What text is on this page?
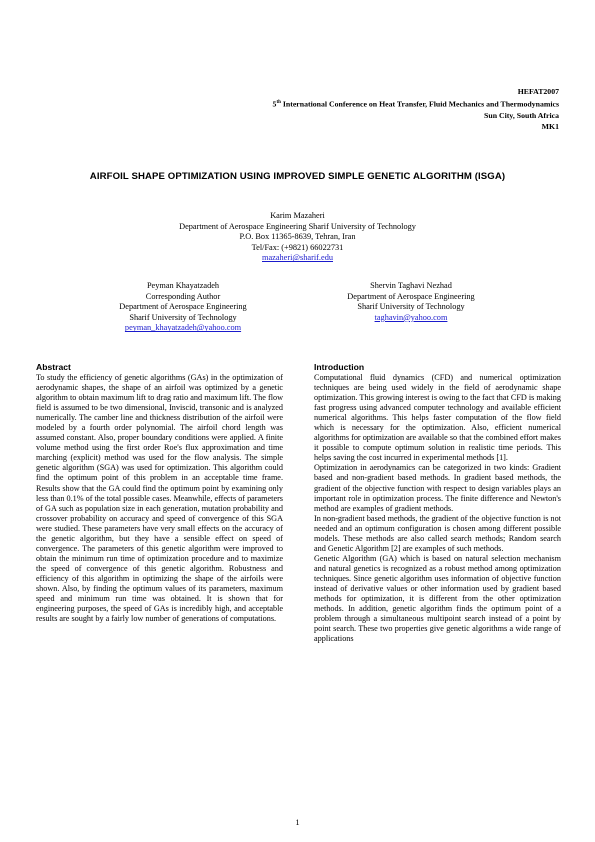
HEFAT2007
5th International Conference on Heat Transfer, Fluid Mechanics and Thermodynamics
Sun City, South Africa
MK1
AIRFOIL SHAPE OPTIMIZATION USING IMPROVED SIMPLE GENETIC ALGORITHM (ISGA)
Karim Mazaheri
Department of Aerospace Engineering Sharif University of Technology
P.O. Box 11365-8639, Tehran, Iran
Tel/Fax: (+9821) 66022731
mazaheri@sharif.edu
Peyman Khayatzadeh
Corresponding Author
Department of Aerospace Engineering
Sharif University of Technology
peyman_khayatzadeh@yahoo.com
Shervin Taghavi Nezhad
Department of Aerospace Engineering
Sharif University of Technology
taghavin@yahoo.com
Abstract

To study the efficiency of genetic algorithms (GAs) in the optimization of aerodynamic shapes, the shape of an airfoil was optimized by a genetic algorithm to obtain maximum lift to drag ratio and maximum lift. The flow field is assumed to be two dimensional, Inviscid, transonic and is analyzed numerically. The camber line and thickness distribution of the airfoil were modeled by a fourth order polynomial. The airfoil chord length was assumed constant. Also, proper boundary conditions were applied. A finite volume method using the first order Roe's flux approximation and time marching (explicit) method was used for the flow analysis. The simple genetic algorithm (SGA) was used for optimization. This algorithm could find the optimum point of this problem in an acceptable time frame. Results show that the GA could find the optimum point by examining only less than 0.1% of the total possible cases. Meanwhile, effects of parameters of GA such as population size in each generation, mutation probability and crossover probability on accuracy and speed of convergence of this SGA were studied. These parameters have very small effects on the accuracy of the genetic algorithm, but they have a sensible effect on speed of convergence. The parameters of this genetic algorithm were improved to obtain the minimum run time of optimization procedure and to maximize the speed of convergence of this genetic algorithm. Robustness and efficiency of this algorithm in optimizing the shape of the airfoils were shown. Also, by finding the optimum values of its parameters, maximum speed and minimum run time was obtained. It is shown that for engineering purposes, the speed of GAs is incredibly high, and acceptable results are sought by a fairly low number of generations of computations.

Introduction

Computational fluid dynamics (CFD) and numerical optimization techniques are being used widely in the field of aerodynamic shape optimization. This growing interest is owing to the fact that CFD is making fast progress using advanced computer technology and available efficient numerical algorithms. This helps faster computation of the flow field which is necessary for the optimization. Also, efficient numerical algorithms for optimization are available so that the combined effort makes it possible to compute optimum solution in realistic time periods. This helps saving the cost incurred in experimental methods [1].

Optimization in aerodynamics can be categorized in two kinds: Gradient based and non-gradient based methods. In gradient based methods, the gradient of the objective function with respect to design variables plays an important role in optimization process. The finite difference and Newton's method are examples of gradient methods.

In non-gradient based methods, the gradient of the objective function is not needed and an optimum configuration is chosen among different possible models. These methods are also called search methods; Random search and Genetic Algorithm [2] are examples of such methods.

Genetic Algorithm (GA) which is based on natural selection mechanism and natural genetics is recognized as a robust method among optimization techniques. Since genetic algorithm uses information of objective function instead of derivative values or other information used by gradient based methods for optimization, it is different from the other optimization methods. In addition, genetic algorithm finds the optimum point of a problem through a simultaneous multipoint search instead of a point by point search. These two properties give genetic algorithms a wide range of applications

1
